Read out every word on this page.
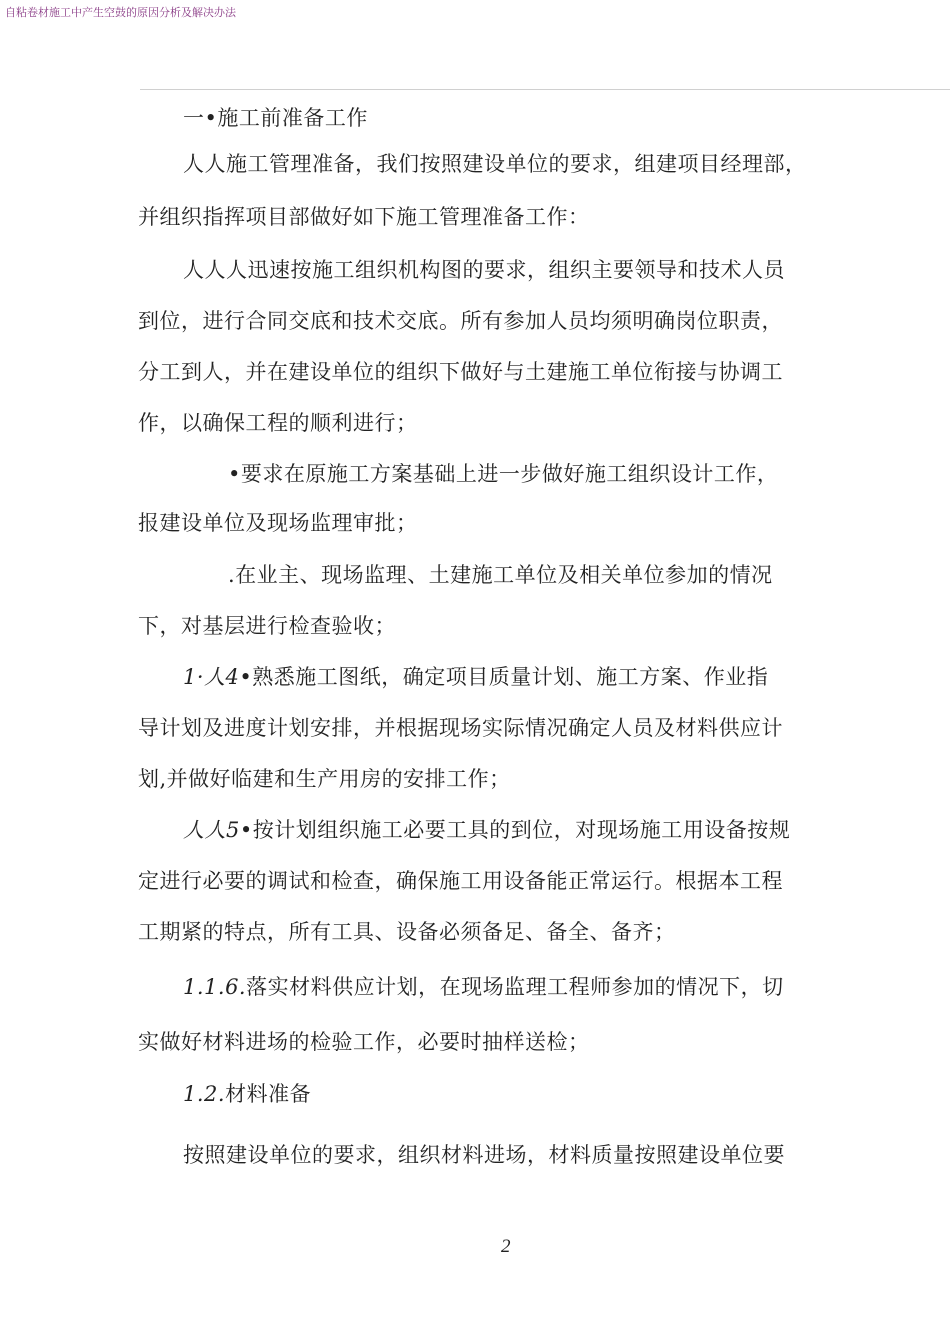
自粘卷材施工中产生空鼓的原因分析及解决办法
一•施工前准备工作
人人施工管理准备，我们按照建设单位的要求，组建项目经理部，
并组织指挥项目部做好如下施工管理准备工作：
人人人迅速按施工组织机构图的要求，组织主要领导和技术人员
到位，进行合同交底和技术交底。所有参加人员均须明确岗位职责，
分工到人，并在建设单位的组织下做好与土建施工单位衔接与协调工
作，以确保工程的顺利进行；
•要求在原施工方案基础上进一步做好施工组织设计工作，
报建设单位及现场监理审批；
.在业主、现场监理、土建施工单位及相关单位参加的情况
下，对基层进行检查验收；
1·人4•熟悉施工图纸，确定项目质量计划、施工方案、作业指
导计划及进度计划安排，并根据现场实际情况确定人员及材料供应计
划,并做好临建和生产用房的安排工作；
人人5•按计划组织施工必要工具的到位，对现场施工用设备按规
定进行必要的调试和检查，确保施工用设备能正常运行。根据本工程
工期紧的特点，所有工具、设备必须备足、备全、备齐；
1.1.6.落实材料供应计划，在现场监理工程师参加的情况下，切
实做好材料进场的检验工作，必要时抽样送检；
1.2.材料准备
按照建设单位的要求，组织材料进场，材料质量按照建设单位要
2
